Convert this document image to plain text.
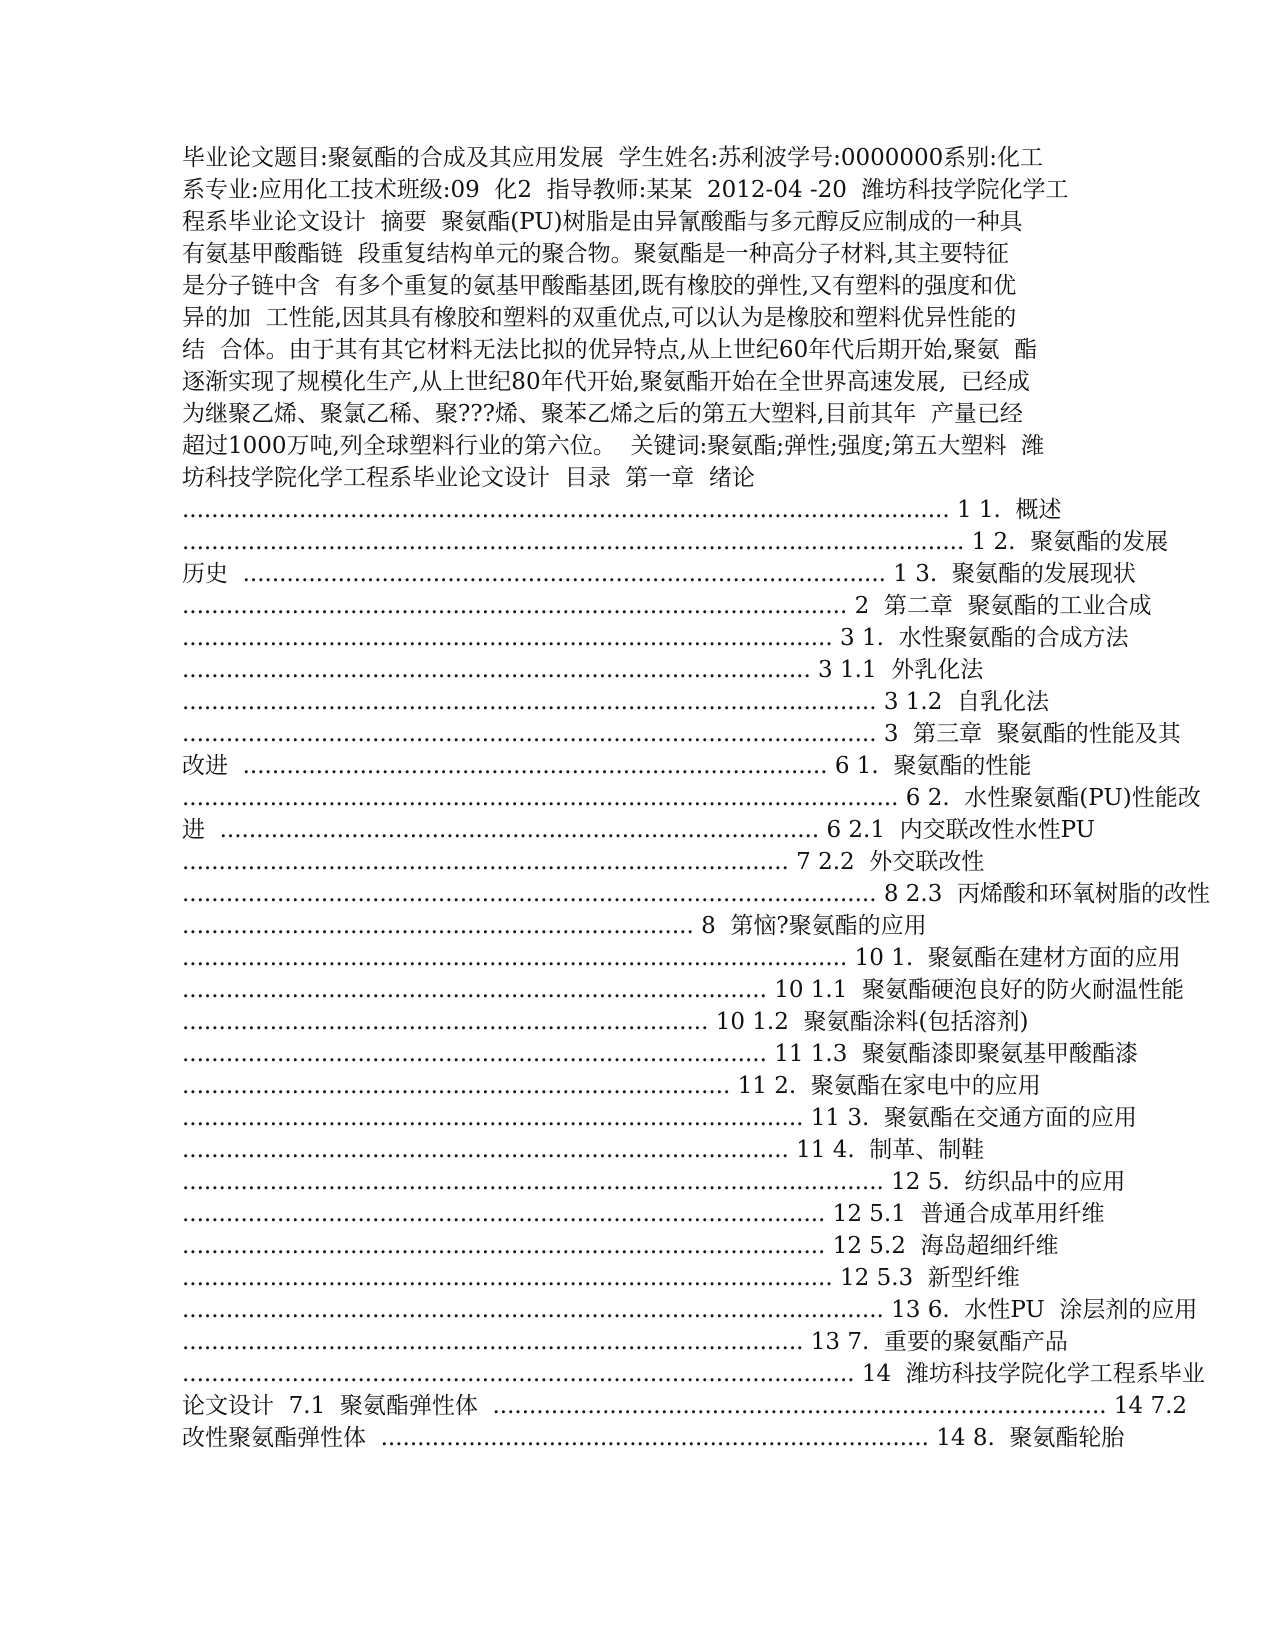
毕业论文题目:聚氨酯的合成及其应用发展  学生姓名:苏利波学号:0000000系别:化工
系专业:应用化工技术班级:09  化2  指导教师:某某  2012-04 -20  潍坊科技学院化学工
程系毕业论文设计  摘要  聚氨酯(PU)树脂是由异氰酸酯与多元醇反应制成的一种具
有氨基甲酸酯链  段重复结构单元的聚合物。聚氨酯是一种高分子材料,其主要特征
是分子链中含  有多个重复的氨基甲酸酯基团,既有橡胶的弹性,又有塑料的强度和优
异的加  工性能,因其具有橡胶和塑料的双重优点,可以认为是橡胶和塑料优异性能的
结  合体。由于其有其它材料无法比拟的优异特点,从上世纪60年代后期开始,聚氨  酯
逐渐实现了规模化生产,从上世纪80年代开始,聚氨酯开始在全世界高速发展,  已经成
为继聚乙烯、聚氯乙稀、聚???烯、聚苯乙烯之后的第五大塑料,目前其年  产量已经
超过1000万吨,列全球塑料行业的第六位。  关键词:聚氨酯;弹性;强度;第五大塑料  潍
坊科技学院化学工程系毕业论文设计  目录  第一章  绪论
......................................................................................................... 1 1.  概述
........................................................................................................... 1 2.  聚氨酯的发展
历史  ........................................................................................ 1 3.  聚氨酯的发展现状
........................................................................................... 2  第二章  聚氨酯的工业合成
......................................................................................... 3 1.  水性聚氨酯的合成方法
...................................................................................... 3 1.1  外乳化法
............................................................................................... 3 1.2  自乳化法
............................................................................................... 3  第三章  聚氨酯的性能及其
改进  ................................................................................ 6 1.  聚氨酯的性能
.................................................................................................. 6 2.  水性聚氨酯(PU)性能改
进  .................................................................................. 6 2.1  内交联改性水性PU
................................................................................... 7 2.2  外交联改性
............................................................................................... 8 2.3  丙烯酸和环氧树脂的改性
...................................................................... 8  第恼?聚氨酯的应用
........................................................................................... 10 1.  聚氨酯在建材方面的应用
................................................................................ 10 1.1  聚氨酯硬泡良好的防火耐温性能
........................................................................ 10 1.2  聚氨酯涂料(包括溶剂)
................................................................................ 11 1.3  聚氨酯漆即聚氨基甲酸酯漆
........................................................................... 11 2.  聚氨酯在家电中的应用
..................................................................................... 11 3.  聚氨酯在交通方面的应用
................................................................................... 11 4.  制革、制鞋
................................................................................................ 12 5.  纺织品中的应用
........................................................................................ 12 5.1  普通合成革用纤维
........................................................................................ 12 5.2  海岛超细纤维
......................................................................................... 12 5.3  新型纤维
................................................................................................ 13 6.  水性PU  涂层剂的应用
..................................................................................... 13 7.  重要的聚氨酯产品
............................................................................................ 14  潍坊科技学院化学工程系毕业
论文设计  7.1  聚氨酯弹性体  .................................................................................... 14 7.2
改性聚氨酯弹性体  ........................................................................... 14 8.  聚氨酯轮胎
